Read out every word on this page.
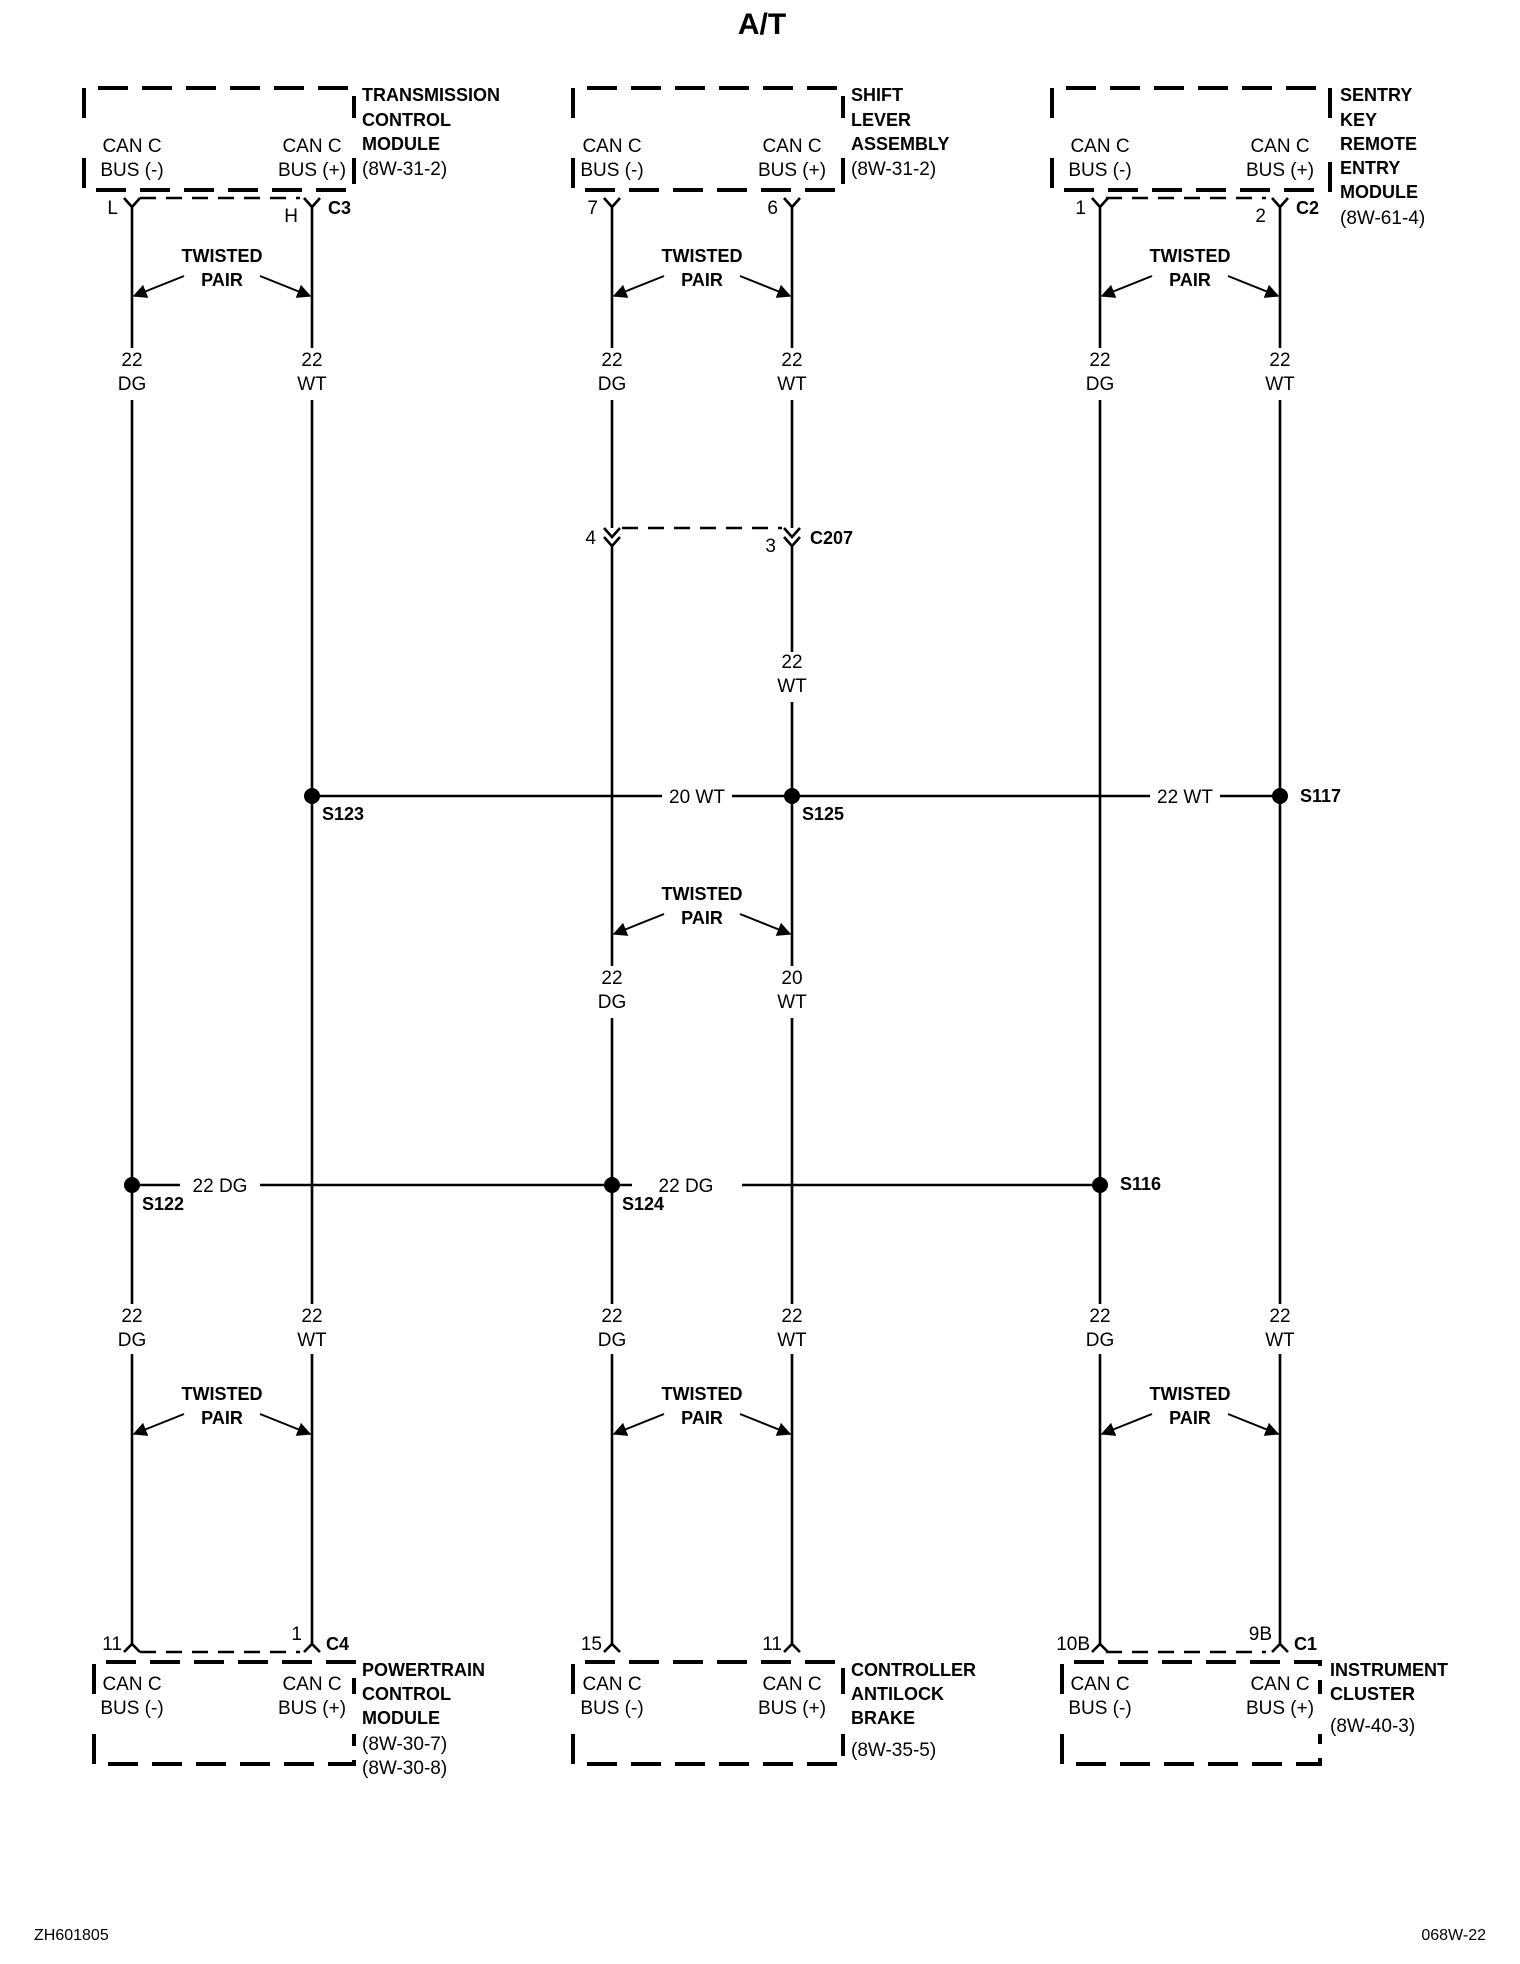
A/T
CAN C
BUS (-)
CAN C
BUS (+)
TRANSMISSION
CONTROL
MODULE
(8W-31-2)
CAN C
BUS (-)
CAN C
BUS (+)
SHIFT
LEVER
ASSEMBLY
(8W-31-2)
CAN C
BUS (-)
CAN C
BUS (+)
SENTRY
KEY
REMOTE
ENTRY
MODULE
(8W-61-4)
L	H C3	7	6	1	2 C2
22
DG
22
WT
22
DG
22
WT
22
DG
22
WT
22
WT
22
DG
20
WT
22
DG
22
WT
22
DG
22
WT
22
DG
22
WT
TWISTED
PAIR
TWISTED
PAIR
TWISTED
PAIR
TWISTED
PAIR
TWISTED
PAIR
TWISTED
PAIR
TWISTED
PAIR
4	3 C207
20 WT	22 WT
22 DG	22 DG
S123	S125
S117
S122	S124
S116
11	1 C4	15	11	10B	9B C1
CAN C
BUS (-)
CAN C
BUS (+)
POWERTRAIN
CONTROL
MODULE
(8W-30-7)
(8W-30-8)
CAN C
BUS (-)
CAN C
BUS (+)
CONTROLLER
ANTILOCK
BRAKE
(8W-35-5)
CAN C
BUS (-)
CAN C
BUS (+)
INSTRUMENT
CLUSTER
(8W-40-3)
ZH601805	068W-22
